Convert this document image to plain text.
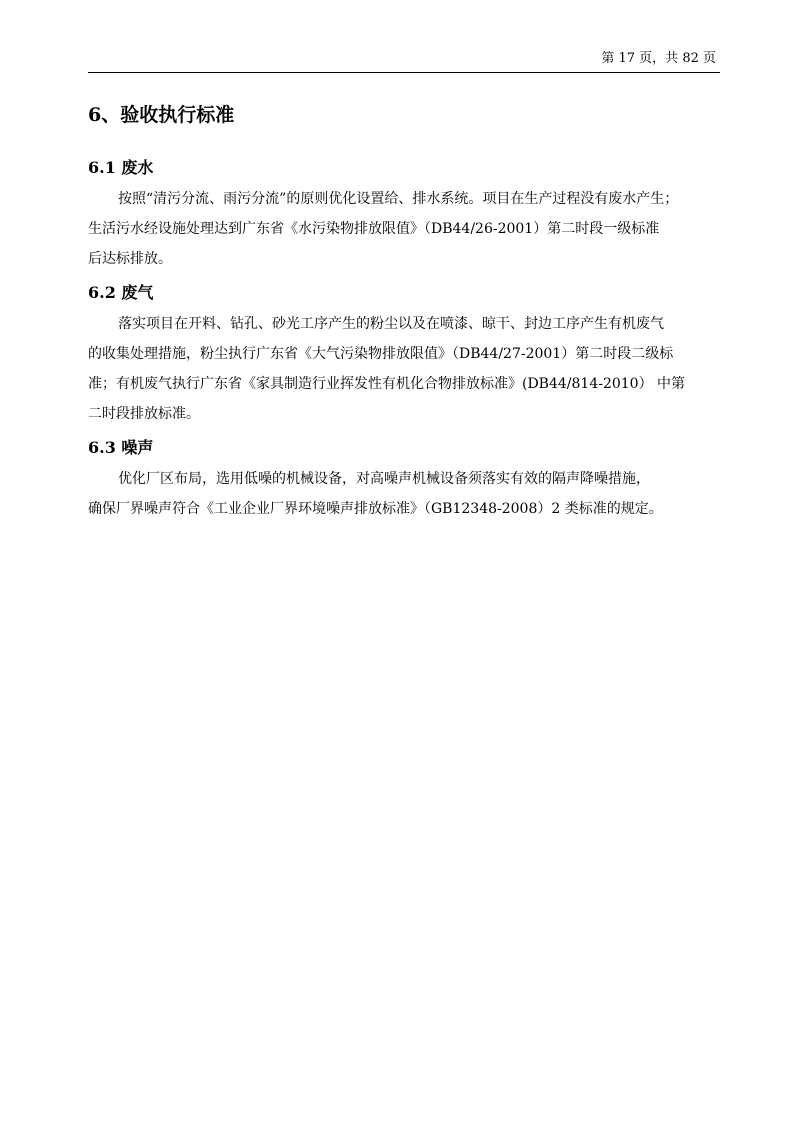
第 17 页，共 82 页
6、验收执行标准
6.1 废水
按照“清污分流、雨污分流”的原则优化设置给、排水系统。项目在生产过程没有废水产生；
生活污水经设施处理达到广东省《水污染物排放限值》（DB44/26-2001）第二时段一级标准
后达标排放。
6.2 废气
落实项目在开料、钻孔、砂光工序产生的粉尘以及在喷漆、晾干、封边工序产生有机废气
的收集处理措施，粉尘执行广东省《大气污染物排放限值》（DB44/27-2001）第二时段二级标
准；有机废气执行广东省《家具制造行业挥发性有机化合物排放标准》(DB44/814-2010） 中第
二时段排放标准。
6.3 噪声
优化厂区布局，选用低噪的机械设备，对高噪声机械设备须落实有效的隔声降噪措施，
确保厂界噪声符合《工业企业厂界环境噪声排放标准》（GB12348-2008）2 类标准的规定。
